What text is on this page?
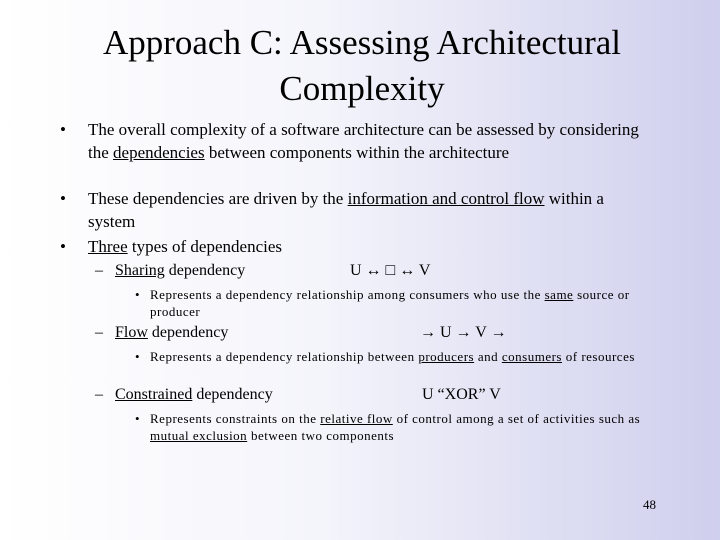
Approach C: Assessing Architectural
Complexity
• The overall complexity of a software architecture can be assessed by considering the dependencies between components within the architecture
• These dependencies are driven by the information and control flow within a system
• Three types of dependencies
– Sharing dependency	U ↔ □ ↔ V
• Represents a dependency relationship among consumers who use the same source or producer
– Flow dependency	→ U → V →
• Represents a dependency relationship between producers and consumers of resources
– Constrained dependency	U “XOR” V
• Represents constraints on the relative flow of control among a set of activities such as mutual exclusion between two components
48
